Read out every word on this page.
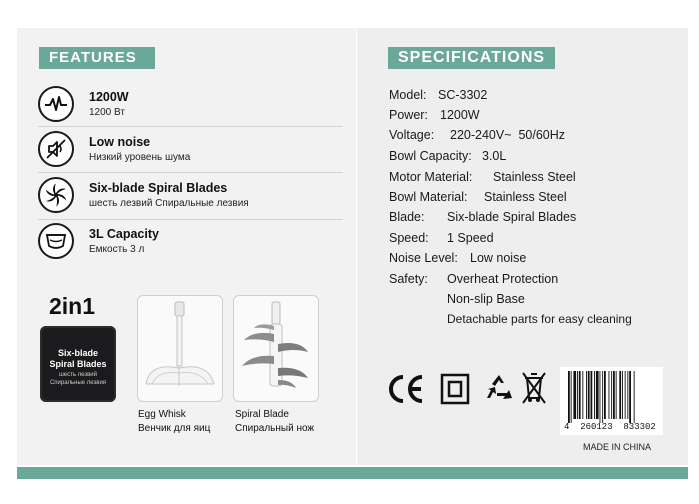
FEATURES	SPECIFICATIONS
1200W
1200 Вт
Low noise
Низкий уровень шума
Six-blade Spiral Blades
шесть лезвий Спиральные лезвия
3L Capacity
Емкость 3 л
2in1
Six-blade
Spiral Blades
шесть лезвий
Спиральные лезвия
Egg Whisk
Венчик для яиц
Spiral Blade
Спиральный нож
Model: SC-3302
Power: 1200W
Voltage: 220-240V~  50/60Hz
Bowl Capacity: 3.0L
Motor Material: Stainless Steel
Bowl Material: Stainless Steel
Blade: Six-blade Spiral Blades
Speed: 1 Speed
Noise Level: Low noise
Safety: Overheat Protection
Non-slip Base
Detachable parts for easy cleaning
4  260123  833302
MADE IN CHINA
